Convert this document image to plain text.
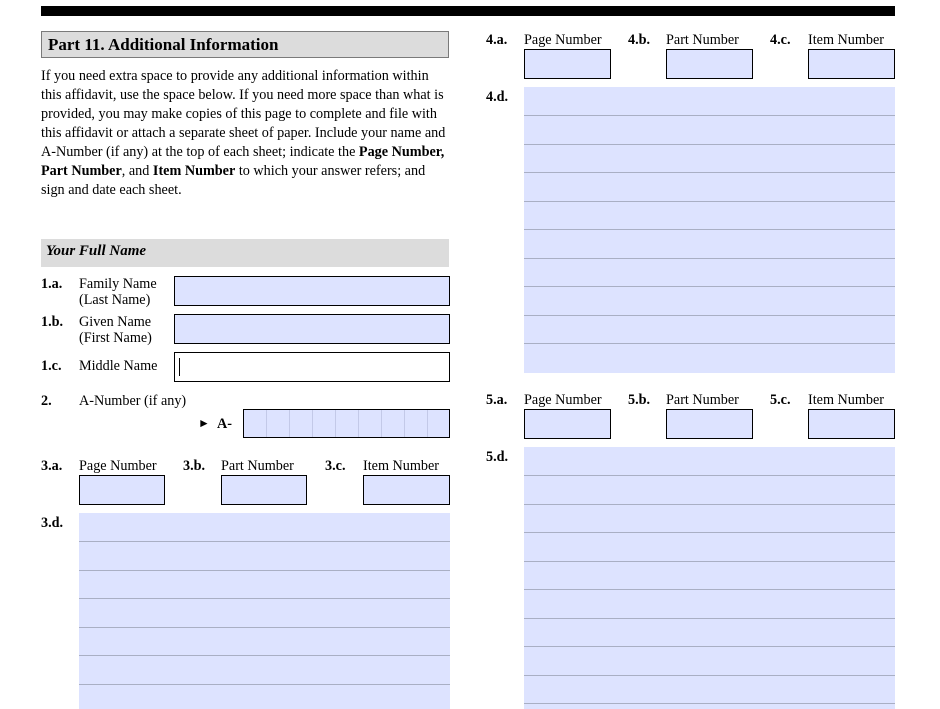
Part 11. Additional Information
If you need extra space to provide any additional information within this affidavit, use the space below. If you need more space than what is provided, you may make copies of this page to complete and file with this affidavit or attach a separate sheet of paper. Include your name and A-Number (if any) at the top of each sheet; indicate the Page Number, Part Number, and Item Number to which your answer refers; and sign and date each sheet.
Your Full Name
1.a. Family Name
(Last Name)
1.b. Given Name
(First Name)
1.c. Middle Name
2. A-Number (if any)
► A-
3.a. Page Number 3.b. Part Number 3.c. Item Number
3.d.
4.a. Page Number 4.b. Part Number 4.c. Item Number
4.d.
5.a. Page Number 5.b. Part Number 5.c. Item Number
5.d.
